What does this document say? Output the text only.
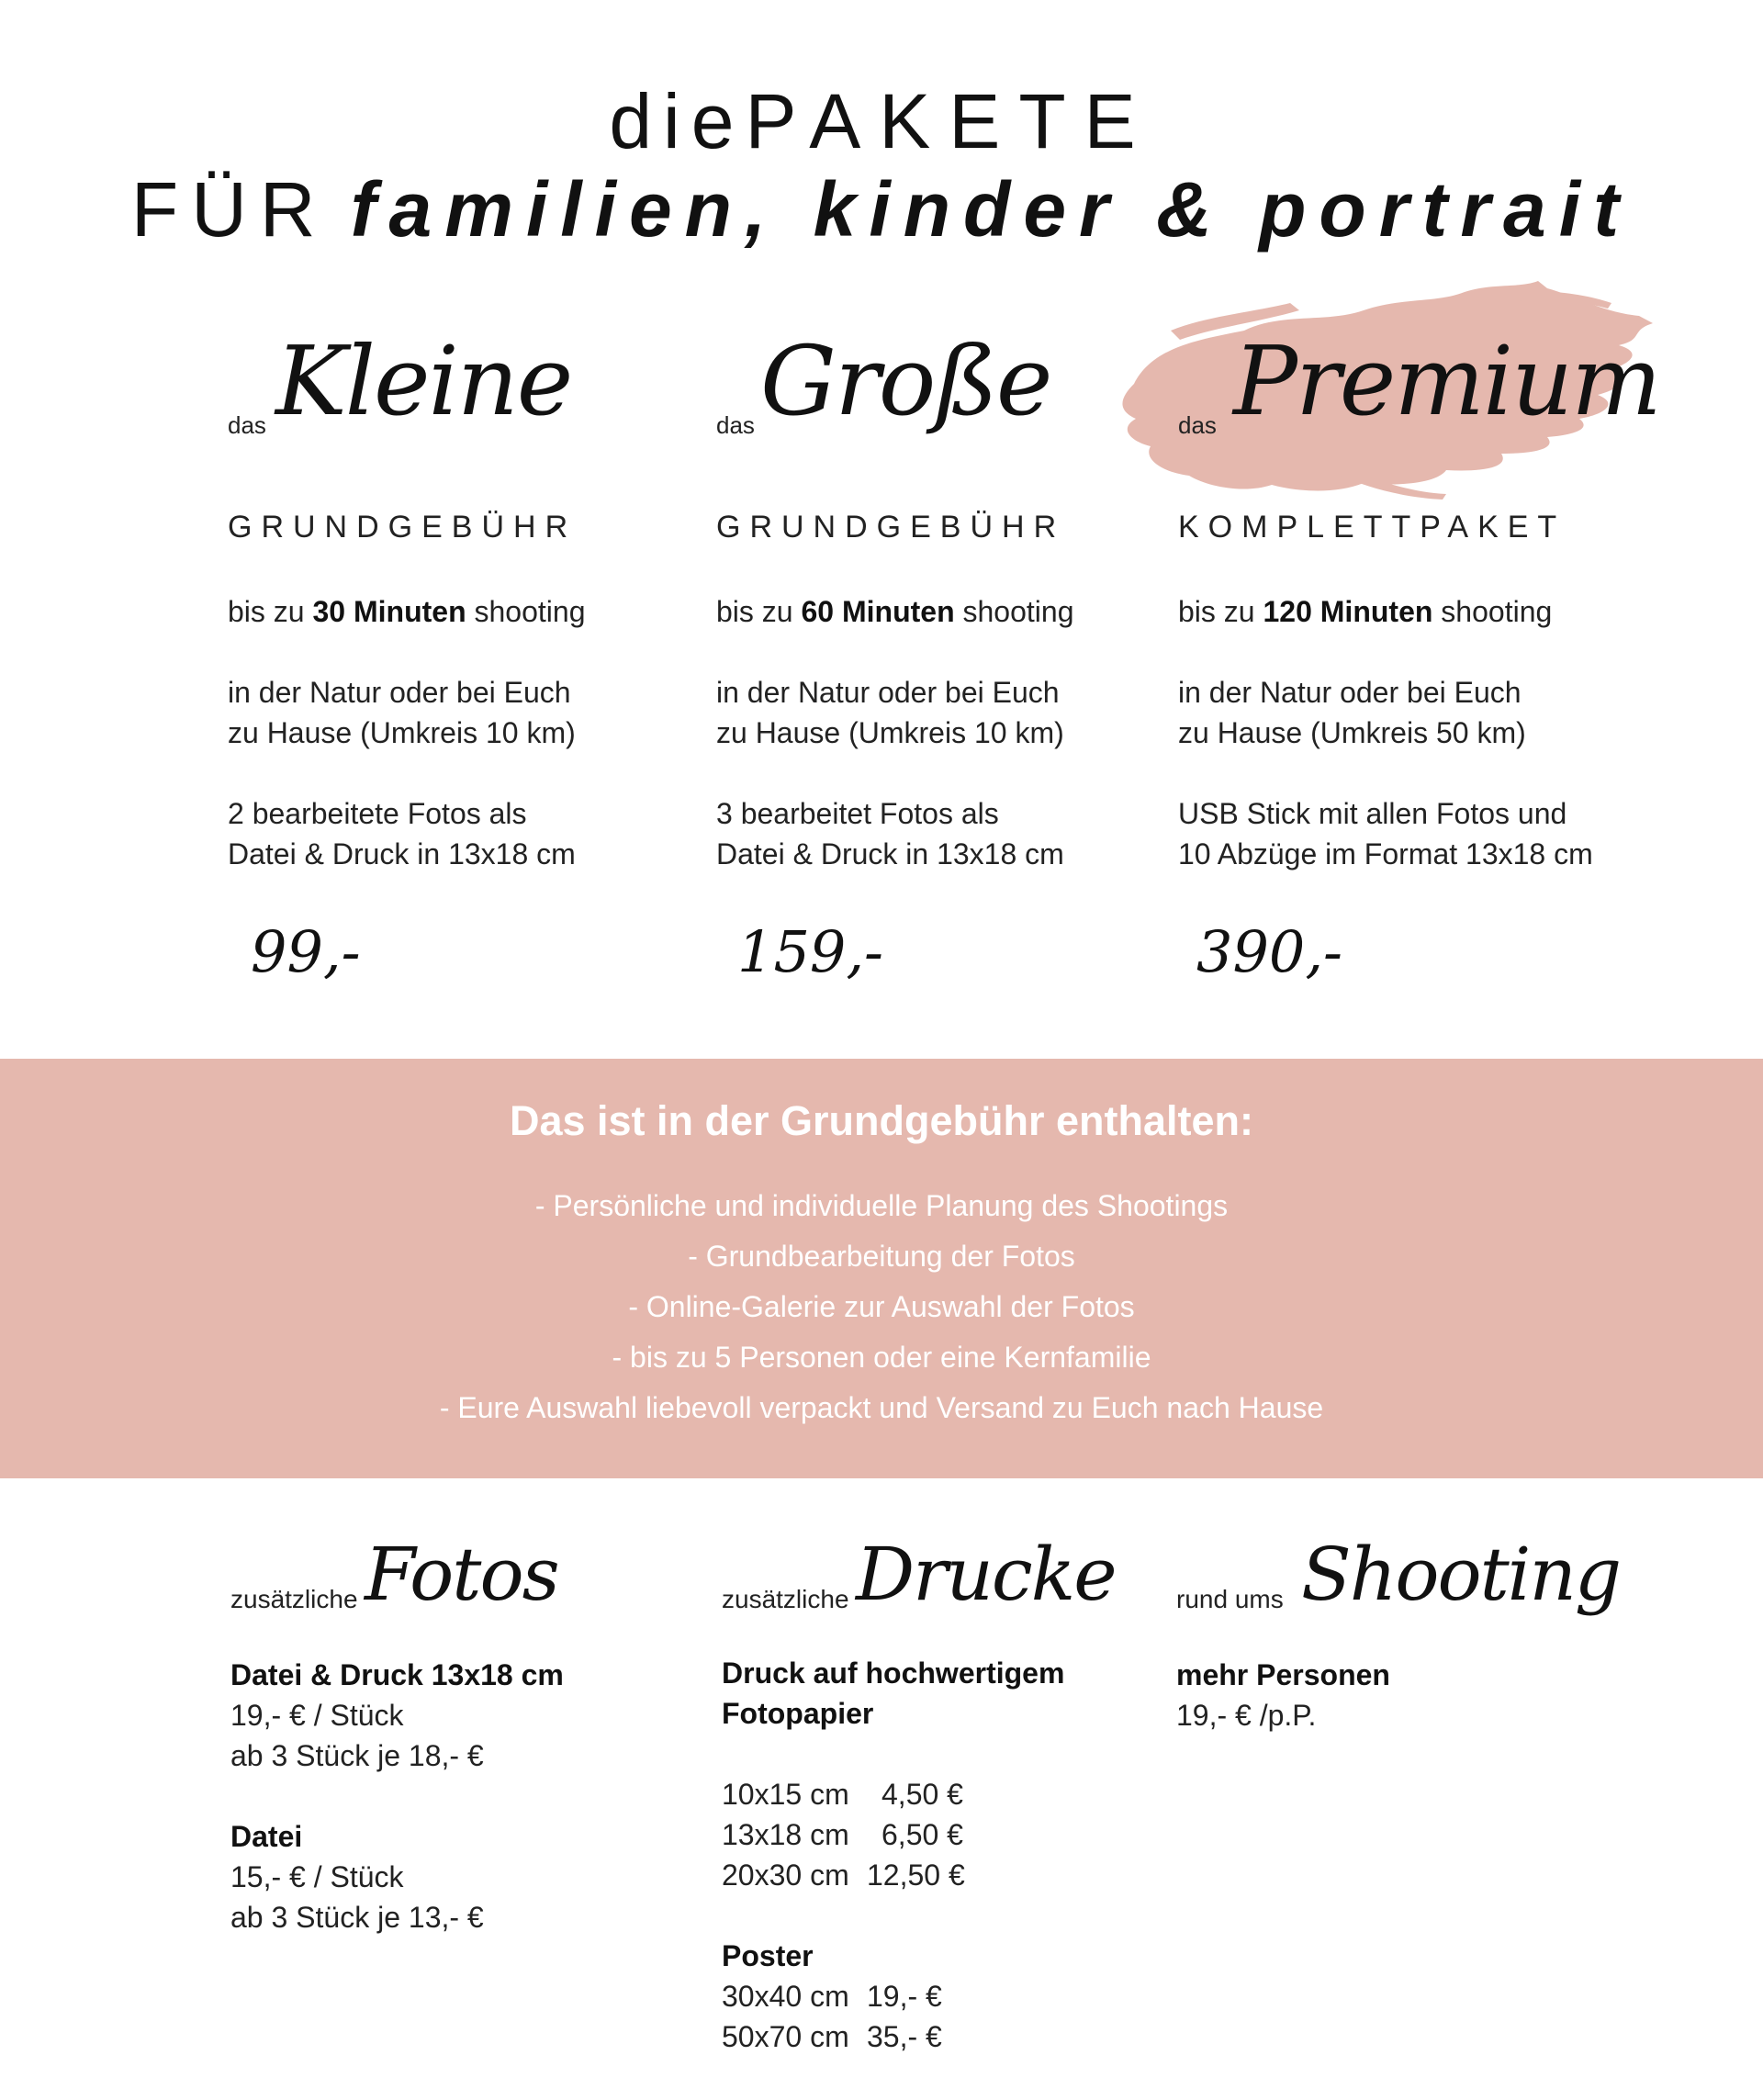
diePAKETE
FÜR familien, kinder & portrait
das Kleine
GRUNDGEBÜHR
bis zu 30 Minuten shooting
in der Natur oder bei Euch
zu Hause (Umkreis 10 km)
2 bearbeitete Fotos als
Datei & Druck in 13x18 cm
99,-
das Große
GRUNDGEBÜHR
bis zu 60 Minuten shooting
in der Natur oder bei Euch
zu Hause (Umkreis 10 km)
3 bearbeitet Fotos als
Datei & Druck in 13x18 cm
159,-
das Premium
KOMPLETTPAKET
bis zu 120 Minuten shooting
in der Natur oder bei Euch
zu Hause (Umkreis 50 km)
USB Stick mit allen Fotos und
10 Abzüge im Format 13x18 cm
390,-
Das ist in der Grundgebühr enthalten:
- Persönliche und individuelle Planung des Shootings
- Grundbearbeitung der Fotos
- Online-Galerie zur Auswahl der Fotos
- bis zu 5 Personen oder eine Kernfamilie
- Eure Auswahl liebevoll verpackt und Versand zu Euch nach Hause
zusätzliche Fotos
Datei & Druck 13x18 cm
19,- € / Stück
ab 3 Stück je 18,- €
Datei
15,- € / Stück
ab 3 Stück je 13,- €
zusätzliche Drucke
Druck auf hochwertigem
Fotopapier
10x15 cm 4,50 €
13x18 cm 6,50 €
20x30 cm 12,50 €
Poster
30x40 cm 19,- €
50x70 cm 35,- €
rund ums Shooting
mehr Personen
19,- € /p.P.
